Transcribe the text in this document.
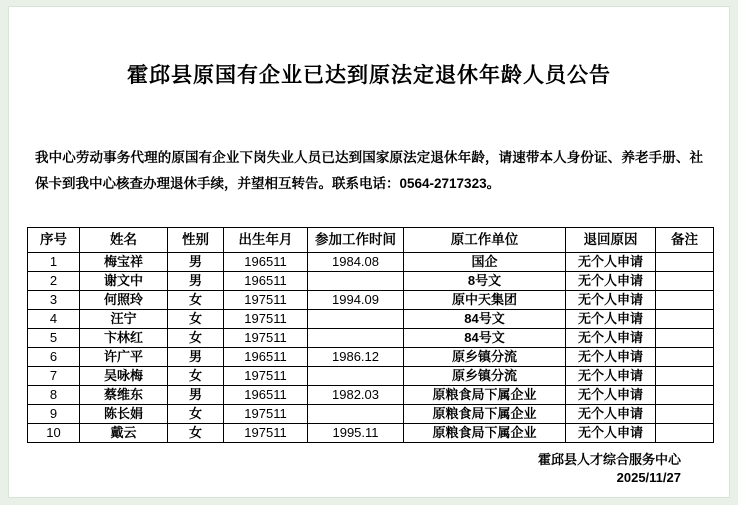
霍邱县原国有企业已达到原法定退休年龄人员公告
我中心劳动事务代理的原国有企业下岗失业人员已达到国家原法定退休年龄，请速带本人身份证、养老手册、社保卡到我中心核查办理退休手续，并望相互转告。联系电话：0564-2717323。
序号	姓名	性别	出生年月	参加工作时间	原工作单位	退回原因	备注
1	梅宝祥	男	196511	1984.08	国企	无个人申请	
2	谢文中	男	196511		8号文	无个人申请	
3	何照玲	女	197511	1994.09	原中天集团	无个人申请	
4	汪宁	女	197511		84号文	无个人申请	
5	卞林红	女	197511		84号文	无个人申请	
6	许广平	男	196511	1986.12	原乡镇分流	无个人申请	
7	吴咏梅	女	197511		原乡镇分流	无个人申请	
8	蔡维东	男	196511	1982.03	原粮食局下属企业	无个人申请	
9	陈长娟	女	197511		原粮食局下属企业	无个人申请	
10	戴云	女	197511	1995.11	原粮食局下属企业	无个人申请	
霍邱县人才综合服务中心
2025/11/27
